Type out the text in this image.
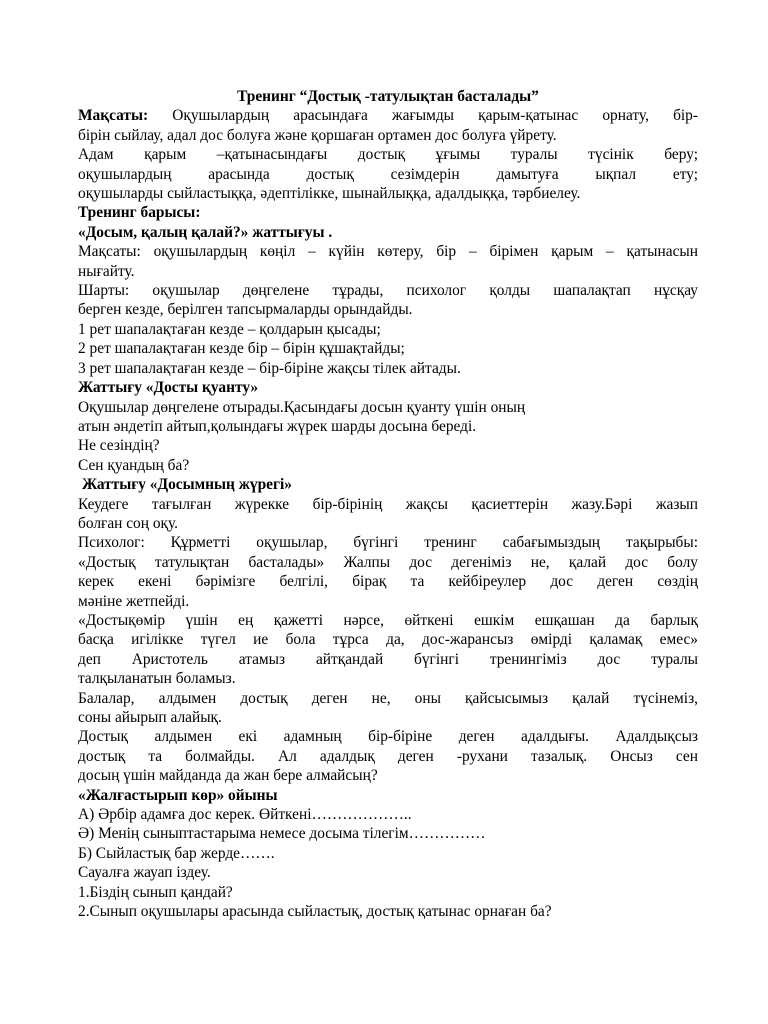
Тренинг “Достық -татулықтан басталады”

Мақсаты: Оқушылардың арасындаға жағымды қарым-қатынас орнату, бір-

бірін сыйлау, адал дос болуға және қоршаған ортамен дос болуға үйрету.

Адам қарым –қатынасындағы достық ұғымы туралы түсінік беру;

оқушылардың арасында достық сезімдерін дамытуға ықпал ету;

оқушыларды сыйластыққа, әдептілікке, шынайлыққа, адалдыққа, тәрбиелеу.

Тренинг барысы:

«Досым, қалың қалай?» жаттығуы .

Мақсаты: оқушылардың көңіл – күйін көтеру, бір – бірімен қарым – қатынасын

нығайту.

Шарты: оқушылар дөңгелене тұрады, психолог қолды шапалақтап нұсқау

берген кезде, берілген тапсырмаларды орындайды.

1 рет шапалақтаған кезде – қолдарын қысады;

2 рет шапалақтаған кезде бір – бірін құшақтайды;

3 рет шапалақтаған кезде – бір-біріне жақсы тілек айтады.

Жаттығу «Досты қуанту»

Оқушылар дөңгелене отырады.Қасындағы досын қуанту үшін оның

атын әндетіп айтып,қолындағы жүрек шарды досына береді.

Не сезіндің?

Сен қуандың ба?

Жаттығу «Досымның жүрегі»

Кеудеге тағылған жүрекке бір-бірінің жақсы қасиеттерін жазу.Бәрі жазып

болған соң оқу.

Психолог: Құрметті оқушылар, бүгінгі тренинг сабағымыздың тақырыбы:

«Достық татулықтан басталады» Жалпы дос дегеніміз не, қалай дос болу

керек екені бәрімізге белгілі, бірақ та кейбіреулер дос деген сөздің

мәніне жетпейді.

«Достықөмір үшін ең қажетті нәрсе, өйткені ешкім ешқашан да барлық

басқа игілікке түгел ие бола тұрса да, дос-жарансыз өмірді қаламақ емес»

деп Аристотель атамыз айтқандай бүгінгі тренингіміз дос туралы

талқыланатын боламыз.

Балалар, алдымен достық деген не, оны қайсысымыз қалай түсінеміз,

соны айырып алайық.

Достық алдымен екі адамның бір-біріне деген адалдығы. Адалдықсыз

достық та болмайды. Ал адалдық деген -рухани тазалық. Онсыз сен

досың үшін майданда да жан бере алмайсың?

«Жалғастырып көр» ойыны

А) Әрбір адамға дос керек. Өйткені………………..

Ә) Менің сыныптастарыма немесе досыма тілегім……………

Б) Сыйластық бар жерде…….

Сауалға жауап іздеу.

1.Біздің сынып қандай?

2.Сынып оқушылары арасында сыйластық, достық қатынас орнаған ба?
